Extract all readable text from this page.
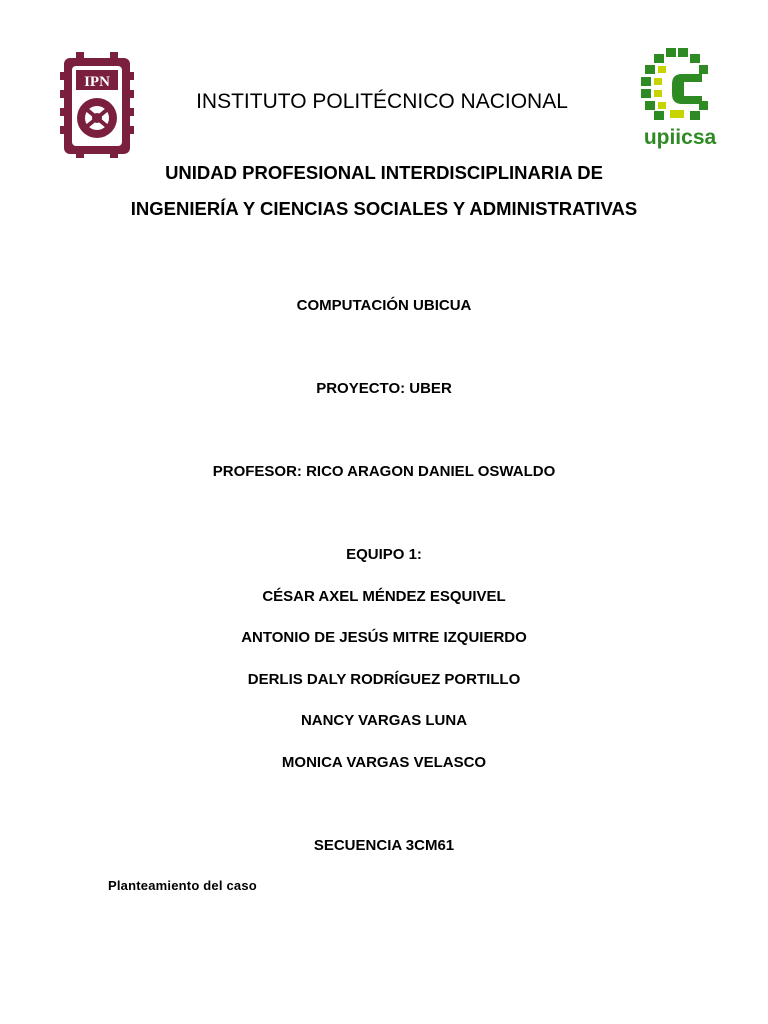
IPN
upiicsa
INSTITUTO POLITÉCNICO NACIONAL
UNIDAD PROFESIONAL INTERDISCIPLINARIA DE
INGENIERÍA Y CIENCIAS SOCIALES Y ADMINISTRATIVAS
COMPUTACIÓN UBICUA
PROYECTO: UBER
PROFESOR: RICO ARAGON DANIEL OSWALDO
EQUIPO 1:
CÉSAR AXEL MÉNDEZ ESQUIVEL
ANTONIO DE JESÚS MITRE IZQUIERDO
DERLIS DALY RODRÍGUEZ PORTILLO
NANCY VARGAS LUNA
MONICA VARGAS VELASCO
SECUENCIA 3CM61
Planteamiento del caso
